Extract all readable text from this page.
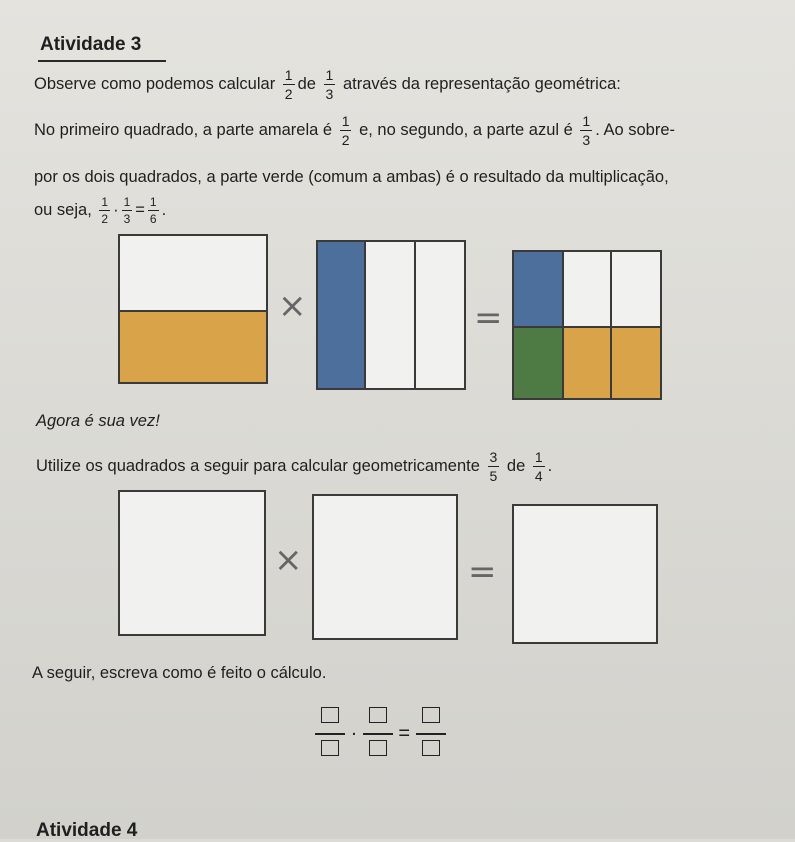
Atividade 3
Observe como podemos calcular $\frac{1}{2}$ de $\frac{1}{3}$ através da representação geométrica:
No primeiro quadrado, a parte amarela é $\frac{1}{2} e$, no segundo, a parte azul é $\frac{1}{3}$ . Ao sobre-
por os dois quadrados, a parte verde (comum a ambas) é o resultado da multiplicação,
ou seja, $\frac{1}{2} \cdot \frac{1}{3} = \frac{1}{6}$ .
×	=
Agora é sua vez!
Utilize os quadrados a seguir para calcular geometricamente $\frac{3}{5}$ de $\frac{1}{4}$ .
×	=
A seguir, escreva como é feito o cálculo.
· =
Atividade 4
